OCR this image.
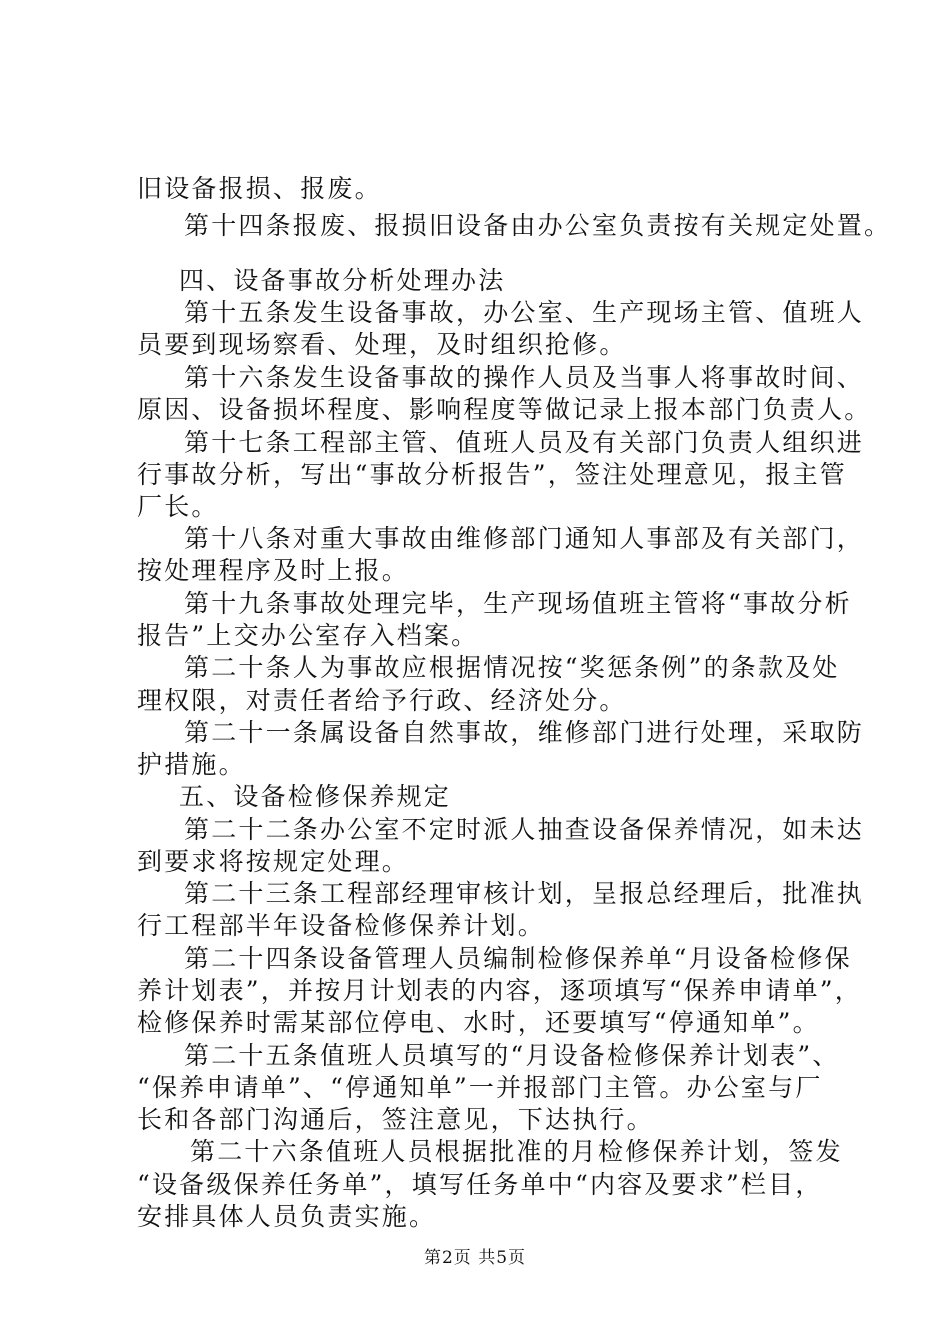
旧设备报损、报废。
第十四条报废、报损旧设备由办公室负责按有关规定处置。
四、设备事故分析处理办法
第十五条发生设备事故，办公室、生产现场主管、值班人
员要到现场察看、处理，及时组织抢修。
第十六条发生设备事故的操作人员及当事人将事故时间、
原因、设备损坏程度、影响程度等做记录上报本部门负责人。
第十七条工程部主管、值班人员及有关部门负责人组织进
行事故分析，写出“事故分析报告”，签注处理意见，报主管
厂长。
第十八条对重大事故由维修部门通知人事部及有关部门，
按处理程序及时上报。
第十九条事故处理完毕，生产现场值班主管将“事故分析
报告”上交办公室存入档案。
第二十条人为事故应根据情况按“奖惩条例”的条款及处
理权限，对责任者给予行政、经济处分。
第二十一条属设备自然事故，维修部门进行处理，采取防
护措施。
五、设备检修保养规定
第二十二条办公室不定时派人抽查设备保养情况，如未达
到要求将按规定处理。
第二十三条工程部经理审核计划，呈报总经理后，批准执
行工程部半年设备检修保养计划。
第二十四条设备管理人员编制检修保养单“月设备检修保
养计划表”，并按月计划表的内容，逐项填写“保养申请单”，
检修保养时需某部位停电、水时，还要填写“停通知单”。
第二十五条值班人员填写的“月设备检修保养计划表”、
“保养申请单”、“停通知单”一并报部门主管。办公室与厂
长和各部门沟通后，签注意见，下达执行。
第二十六条值班人员根据批准的月检修保养计划，签发
“设备级保养任务单”，填写任务单中“内容及要求”栏目，
安排具体人员负责实施。
第2页 共5页
